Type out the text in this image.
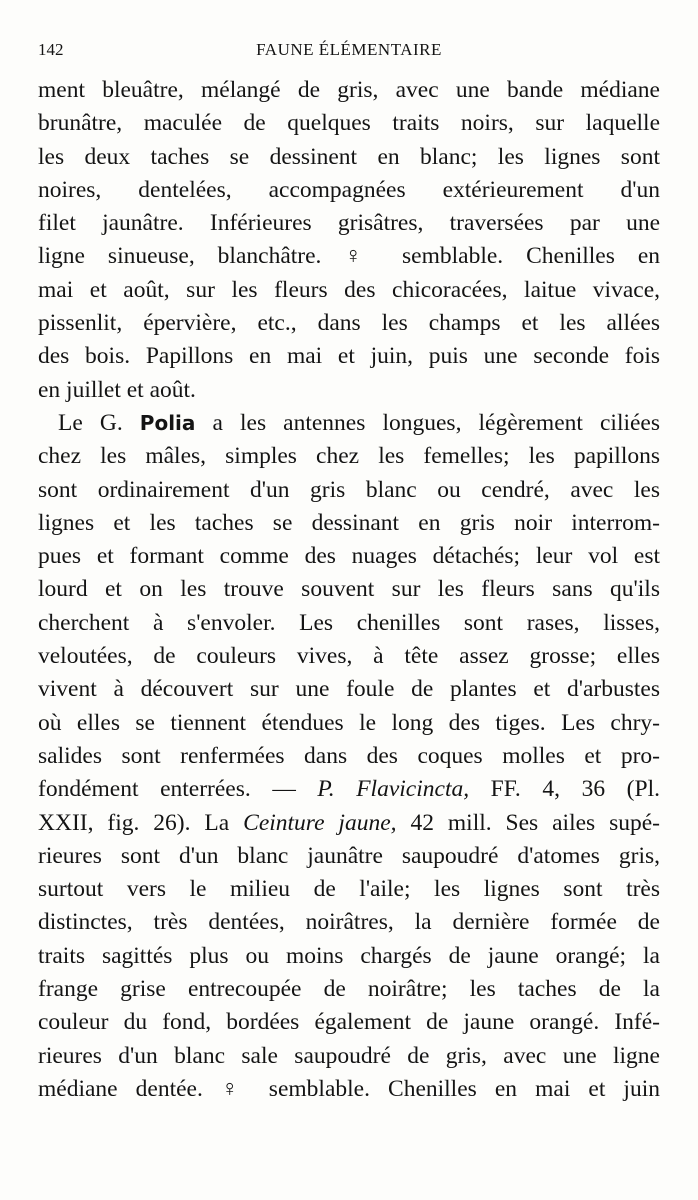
142	FAUNE ÉLÉMENTAIRE
ment bleuâtre, mélangé de gris, avec une bande médiane
brunâtre, maculée de quelques traits noirs, sur laquelle
les deux taches se dessinent en blanc; les lignes sont
noires, dentelées, accompagnées extérieurement d'un
filet jaunâtre. Inférieures grisâtres, traversées par une
ligne sinueuse, blanchâtre. ♀ semblable. Chenilles en
mai et août, sur les fleurs des chicoracées, laitue vivace,
pissenlit, épervière, etc., dans les champs et les allées
des bois. Papillons en mai et juin, puis une seconde fois
en juillet et août.
Le G. Polia a les antennes longues, légèrement ciliées
chez les mâles, simples chez les femelles; les papillons
sont ordinairement d'un gris blanc ou cendré, avec les
lignes et les taches se dessinant en gris noir interrom-
pues et formant comme des nuages détachés; leur vol est
lourd et on les trouve souvent sur les fleurs sans qu'ils
cherchent à s'envoler. Les chenilles sont rases, lisses,
veloutées, de couleurs vives, à tête assez grosse; elles
vivent à découvert sur une foule de plantes et d'arbustes
où elles se tiennent étendues le long des tiges. Les chry-
salides sont renfermées dans des coques molles et pro-
fondément enterrées. — P. Flavicincta, FF. 4, 36 (Pl.
XXII, fig. 26). La Ceinture jaune, 42 mill. Ses ailes supé-
rieures sont d'un blanc jaunâtre saupoudré d'atomes gris,
surtout vers le milieu de l'aile; les lignes sont très
distinctes, très dentées, noirâtres, la dernière formée de
traits sagittés plus ou moins chargés de jaune orangé; la
frange grise entrecoupée de noirâtre; les taches de la
couleur du fond, bordées également de jaune orangé. Infé-
rieures d'un blanc sale saupoudré de gris, avec une ligne
médiane dentée. ♀ semblable. Chenilles en mai et juin
